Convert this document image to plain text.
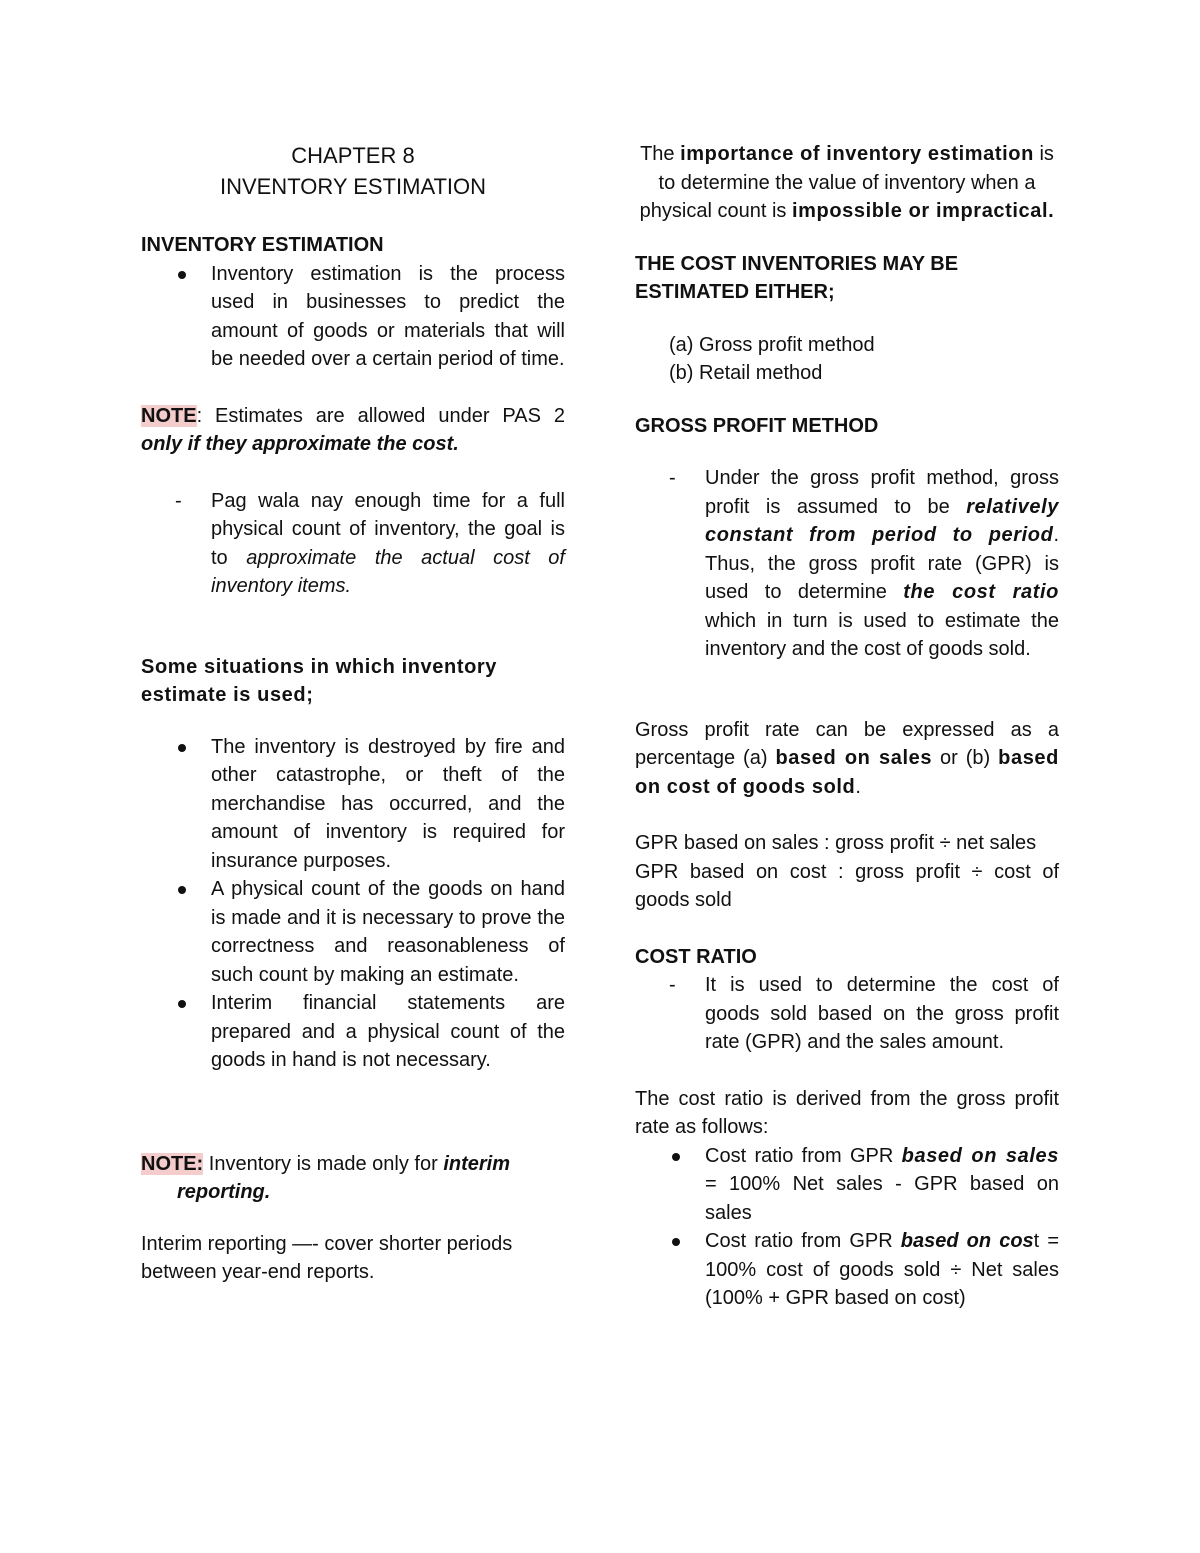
CHAPTER 8

INVENTORY ESTIMATION

INVENTORY ESTIMATION

Inventory estimation is the process used in businesses to predict the amount of goods or materials that will be needed over a certain period of time.

NOTE: Estimates are allowed under PAS 2 only if they approximate the cost.

- Pag wala nay enough time for a full physical count of inventory, the goal is to approximate the actual cost of inventory items.

Some situations in which inventory estimate is used;

The inventory is destroyed by fire and other catastrophe, or theft of the merchandise has occurred, and the amount of inventory is required for insurance purposes.
A physical count of the goods on hand is made and it is necessary to prove the correctness and reasonableness of such count by making an estimate.
Interim financial statements are prepared and a physical count of the goods in hand is not necessary.

NOTE: Inventory is made only for interim

reporting.

Interim reporting —- cover shorter periods between year-end reports.

The importance of inventory estimation is to determine the value of inventory when a physical count is impossible or impractical.

THE COST INVENTORIES MAY BE ESTIMATED EITHER;

(a) Gross profit method

(b) Retail method

GROSS PROFIT METHOD

- Under the gross profit method, gross profit is assumed to be relatively constant from period to period. Thus, the gross profit rate (GPR) is used to determine the cost ratio which in turn is used to estimate the inventory and the cost of goods sold.

Gross profit rate can be expressed as a percentage (a) based on sales or (b) based on cost of goods sold.

GPR based on sales : gross profit ÷ net sales

GPR based on cost : gross profit ÷ cost of goods sold

COST RATIO

- It is used to determine the cost of goods sold based on the gross profit rate (GPR) and the sales amount.

The cost ratio is derived from the gross profit rate as follows:

Cost ratio from GPR based on sales = 100% Net sales - GPR based on sales
Cost ratio from GPR based on cost = 100% cost of goods sold ÷ Net sales (100% + GPR based on cost)
